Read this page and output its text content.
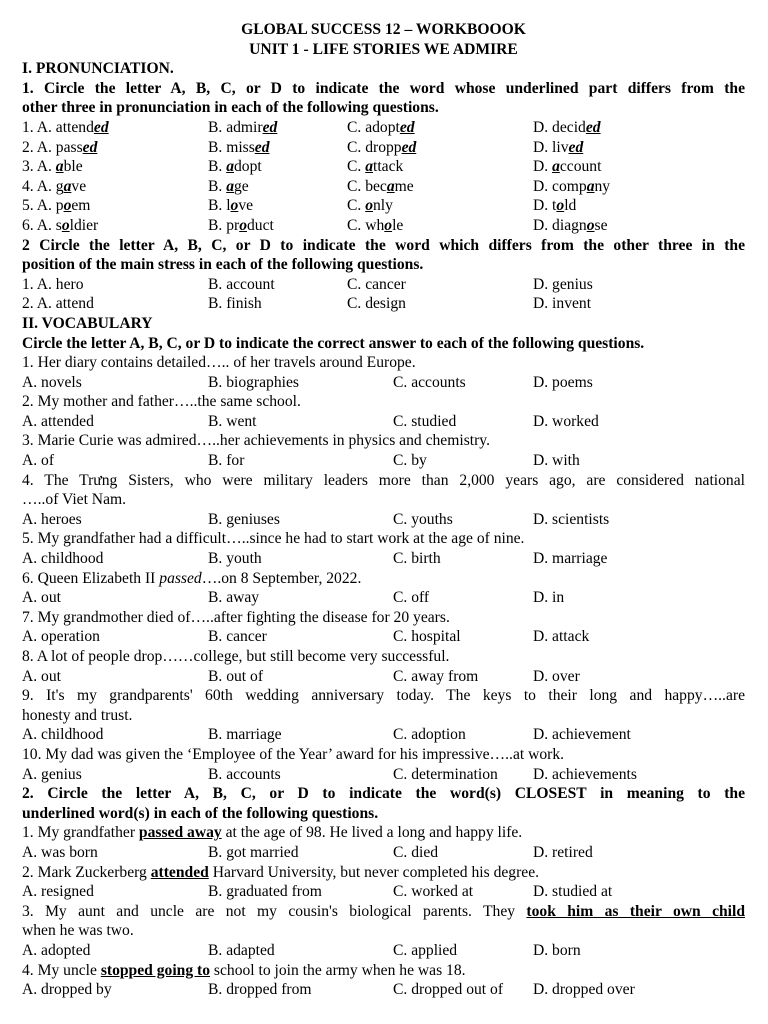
GLOBAL SUCCESS 12 – WORKBOOOK
UNIT 1 - LIFE STORIES WE ADMIRE
I. PRONUNCIATION.
1. Circle the letter A, B, C, or D to indicate the word whose underlined part differs from the
other three in pronunciation in each of the following questions.
1. A. attended	B. admired	C. adopted	D. decided
2. A. passed	B. missed	C. dropped	D. lived
3. A. able	B. adopt	C. attack	D. account
4. A. gave	B. age	C. became	D. company
5. A. poem	B. love	C. only	D. told
6. A. soldier	B. product	C. whole	D. diagnose
2 Circle the letter A, B, C, or D to indicate the word which differs from the other three in the
position of the main stress in each of the following questions.
1. A. hero	B. account	C. cancer	D. genius
2. A. attend	B. finish	C. design	D. invent
II. VOCABULARY
Circle the letter A, B, C, or D to indicate the correct answer to each of the following questions.
1. Her diary contains detailed….. of her travels around Europe.
A. novels	B. biographies	C. accounts	D. poems
2. My mother and father…..the same school.
A. attended	B. went	C. studied	D. worked
3. Marie Curie was admired…..her achievements in physics and chemistry.
A. of	B. for	C. by	D. with
4. The Trưng Sisters, who were military leaders more than 2,000 years ago, are considered national
…..of Viet Nam.
A. heroes	B. geniuses	C. youths	D. scientists
5. My grandfather had a difficult…..since he had to start work at the age of nine.
A. childhood	B. youth	C. birth	D. marriage
6. Queen Elizabeth II passed….on 8 September, 2022.
A. out	B. away	C. off	D. in
7. My grandmother died of…..after fighting the disease for 20 years.
A. operation	B. cancer	C. hospital	D. attack
8. A lot of people drop……college, but still become very successful.
A. out	B. out of	C. away from	D. over
9. It's my grandparents' 60th wedding anniversary today. The keys to their long and happy…..are
honesty and trust.
A. childhood	B. marriage	C. adoption	D. achievement
10. My dad was given the ‘Employee of the Year’ award for his impressive…..at work.
A. genius	B. accounts	C. determination D. achievements
2. Circle the letter A, B, C, or D to indicate the word(s) CLOSEST in meaning to the
underlined word(s) in each of the following questions.
1. My grandfather passed away at the age of 98. He lived a long and happy life.
A. was born	B. got married	C. died	D. retired
2. Mark Zuckerberg attended Harvard University, but never completed his degree.
A. resigned	B. graduated from	C. worked at	D. studied at
3. My aunt and uncle are not my cousin's biological parents. They took him as their own child
when he was two.
A. adopted	B. adapted	C. applied	D. born
4. My uncle stopped going to school to join the army when he was 18.
A. dropped by	B. dropped from	C. dropped out of D. dropped over
